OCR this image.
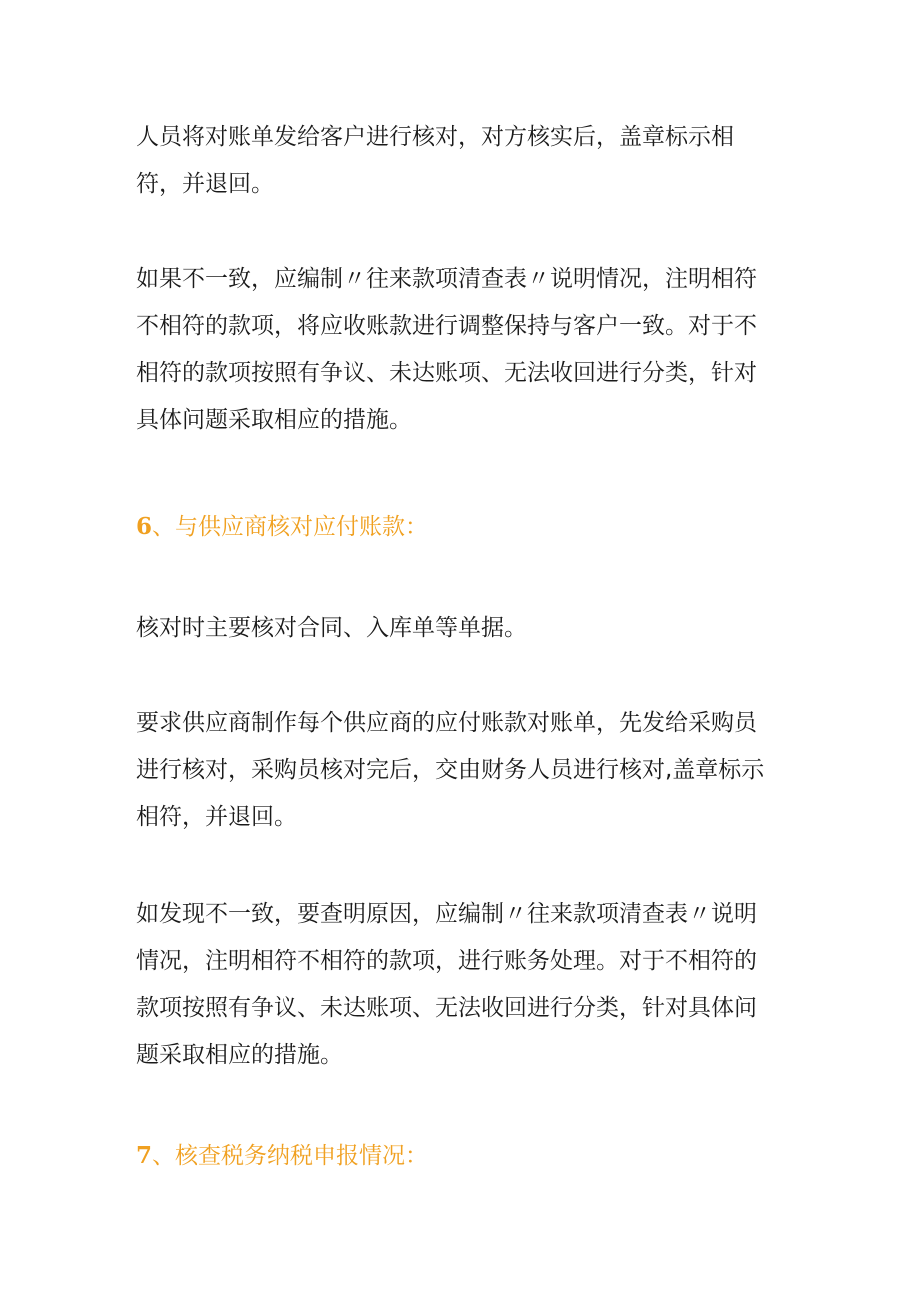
人员将对账单发给客户进行核对，对方核实后，盖章标示相
符，并退回。
如果不一致，应编制〃往来款项清查表〃说明情况，注明相符
不相符的款项，将应收账款进行调整保持与客户一致。对于不
相符的款项按照有争议、未达账项、无法收回进行分类，针对
具体问题采取相应的措施。
6、与供应商核对应付账款：
核对时主要核对合同、入库单等单据。
要求供应商制作每个供应商的应付账款对账单，先发给采购员
进行核对，采购员核对完后，交由财务人员进行核对,盖章标示
相符，并退回。
如发现不一致，要查明原因，应编制〃往来款项清查表〃说明
情况，注明相符不相符的款项，进行账务处理。对于不相符的
款项按照有争议、未达账项、无法收回进行分类，针对具体问
题采取相应的措施。
7、核查税务纳税申报情况：
